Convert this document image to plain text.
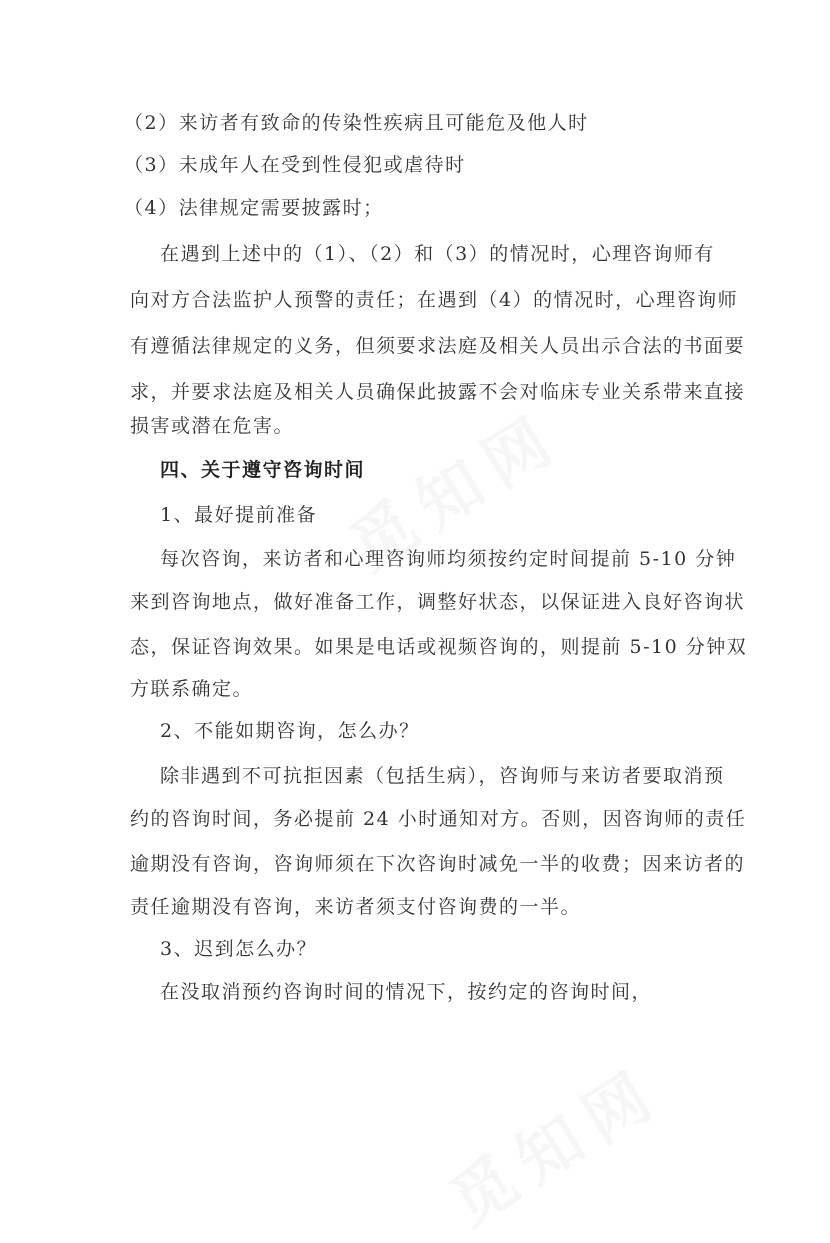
（2）来访者有致命的传染性疾病且可能危及他人时
（3）未成年人在受到性侵犯或虐待时
（4）法律规定需要披露时；
在遇到上述中的（1）、（2）和（3）的情况时，心理咨询师有
向对方合法监护人预警的责任；在遇到（4）的情况时，心理咨询师
有遵循法律规定的义务，但须要求法庭及相关人员出示合法的书面要
求，并要求法庭及相关人员确保此披露不会对临床专业关系带来直接
损害或潜在危害。
四、关于遵守咨询时间
1、最好提前准备
每次咨询，来访者和心理咨询师均须按约定时间提前 5-10 分钟
来到咨询地点，做好准备工作，调整好状态，以保证进入良好咨询状
态，保证咨询效果。如果是电话或视频咨询的，则提前 5-10 分钟双
方联系确定。
2、不能如期咨询，怎么办？
除非遇到不可抗拒因素（包括生病），咨询师与来访者要取消预
约的咨询时间，务必提前 24 小时通知对方。否则，因咨询师的责任
逾期没有咨询，咨询师须在下次咨询时减免一半的收费；因来访者的
责任逾期没有咨询，来访者须支付咨询费的一半。
3、迟到怎么办？
在没取消预约咨询时间的情况下，按约定的咨询时间，
